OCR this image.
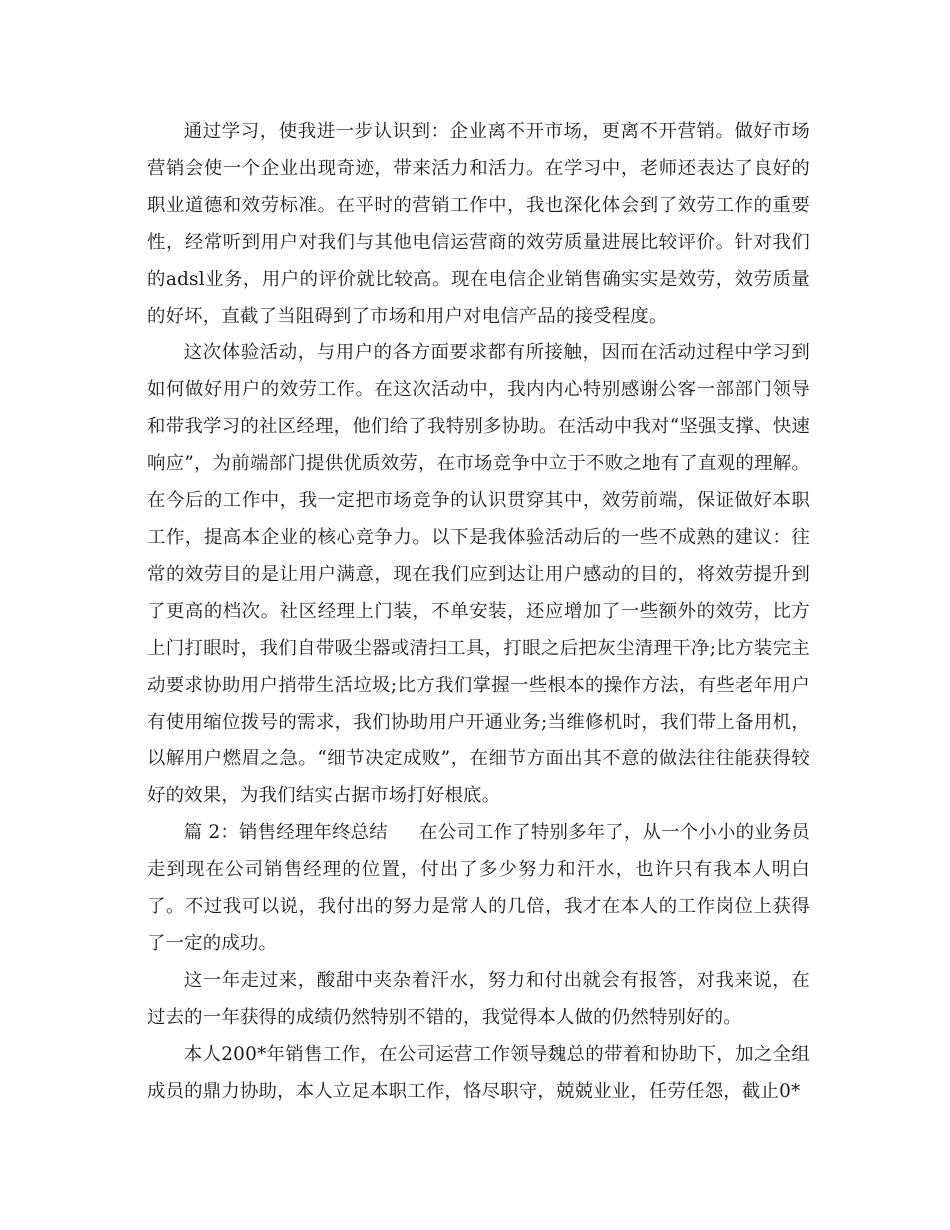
通过学习，使我进一步认识到：企业离不开市场，更离不开营销。做好市场营销会使一个企业出现奇迹，带来活力和活力。在学习中，老师还表达了良好的职业道德和效劳标准。在平时的营销工作中，我也深化体会到了效劳工作的重要性，经常听到用户对我们与其他电信运营商的效劳质量进展比较评价。针对我们的adsl业务，用户的评价就比较高。现在电信企业销售确实实是效劳，效劳质量的好坏，直截了当阻碍到了市场和用户对电信产品的接受程度。

这次体验活动，与用户的各方面要求都有所接触，因而在活动过程中学习到如何做好用户的效劳工作。在这次活动中，我内内心特别感谢公客一部部门领导和带我学习的社区经理，他们给了我特别多协助。在活动中我对“坚强支撑、快速响应”，为前端部门提供优质效劳，在市场竞争中立于不败之地有了直观的理解。在今后的工作中，我一定把市场竞争的认识贯穿其中，效劳前端，保证做好本职工作，提高本企业的核心竞争力。以下是我体验活动后的一些不成熟的建议：往常的效劳目的是让用户满意，现在我们应到达让用户感动的目的，将效劳提升到了更高的档次。社区经理上门装，不单安装，还应增加了一些额外的效劳，比方上门打眼时，我们自带吸尘器或清扫工具，打眼之后把灰尘清理干净;比方装完主动要求协助用户捎带生活垃圾;比方我们掌握一些根本的操作方法，有些老年用户有使用缩位拨号的需求，我们协助用户开通业务;当维修机时，我们带上备用机，以解用户燃眉之急。“细节决定成败”，在细节方面出其不意的做法往往能获得较好的效果，为我们结实占据市场打好根底。

篇 2：销售经理年终总结 在公司工作了特别多年了，从一个小小的业务员走到现在公司销售经理的位置，付出了多少努力和汗水，也许只有我本人明白了。不过我可以说，我付出的努力是常人的几倍，我才在本人的工作岗位上获得了一定的成功。

这一年走过来，酸甜中夹杂着汗水，努力和付出就会有报答，对我来说，在过去的一年获得的成绩仍然特别不错的，我觉得本人做的仍然特别好的。

本人200*年销售工作，在公司运营工作领导魏总的带着和协助下，加之全组成员的鼎力协助，本人立足本职工作，恪尽职守，兢兢业业，任劳任怨，截止0*
